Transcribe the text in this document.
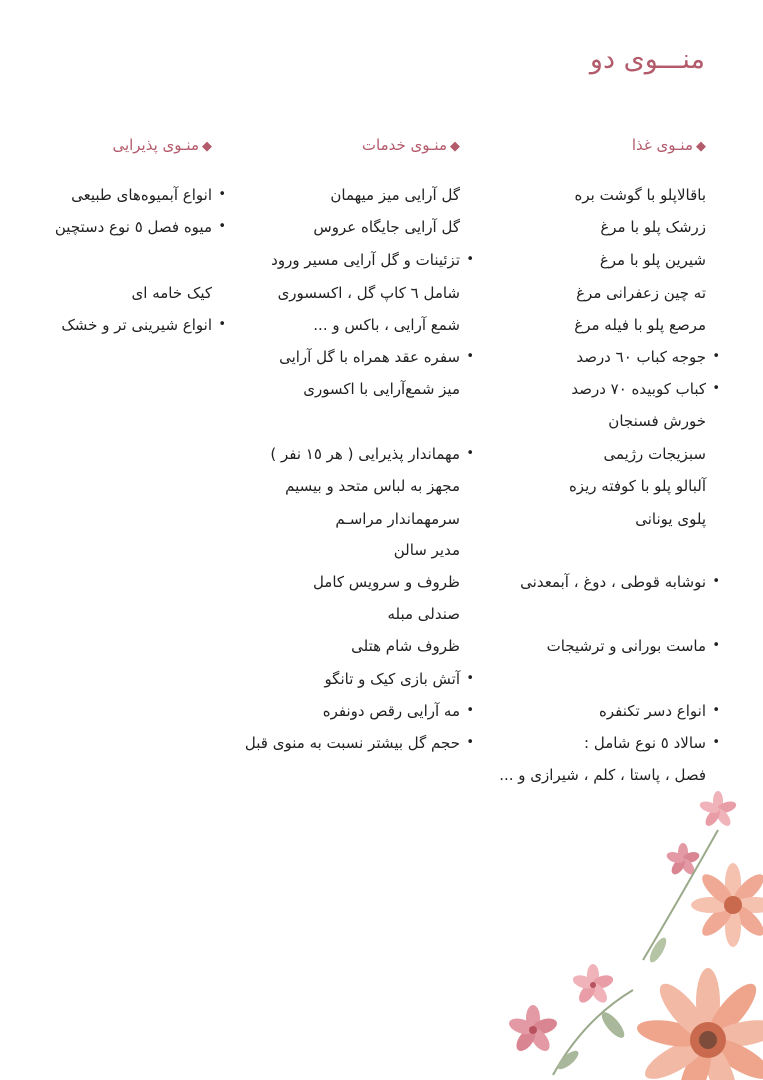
منـــوی دو
◆منـوی غذا
باقالاپلو با گوشت بره
زرشک پلو با مرغ
شیرین پلو با مرغ
ته چین زعفرانی مرغ
مرصع پلو با فیله مرغ
• جوجه کباب ٦٠ درصد
• کباب کوبیده ٧٠ درصد
خورش فسنجان
سبزیجات رژیمی
آلبالو پلو با کوفته ریزه
پلوی یونانی
• نوشابه قوطی ، دوغ ، آبمعدنی
• ماست بورانی و ترشیجات
• انواع دسر تکنفره
• سالاد ٥ نوع شامل :
فصل ، پاستا ، کلم ، شیرازی و ...
◆منـوی خدمات
گل آرایی میز میهمان
گل آرایی جایگاه عروس
• تزئینات و گل آرایی مسیر ورود
شامل ٦ کاپ گل ، اکسسوری
شمع آرایی ، باکس و ...
• سفره عقد همراه با گل آرایی
میز شمع‌آرایی با اکسوری
• مهماندار پذیرایی ( هر ١٥ نفر )
مجهز به لباس متحد و بیسیم
سرمهماندار مراسـم
مدیر سالن
ظروف و سرویس کامل
صندلی مبله
ظروف شام هتلی
• آتش بازی کیک و تانگو
• مه آرایی رقص دونفره
• حجم گل بیشتر نسبت به منوی قبل
◆منـوی پذیرایی
• انواع آبمیوه‌های طبیعی
• میوه فصل ٥ نوع دستچین
کیک خامه ای
• انواع شیرینی تر و خشک
